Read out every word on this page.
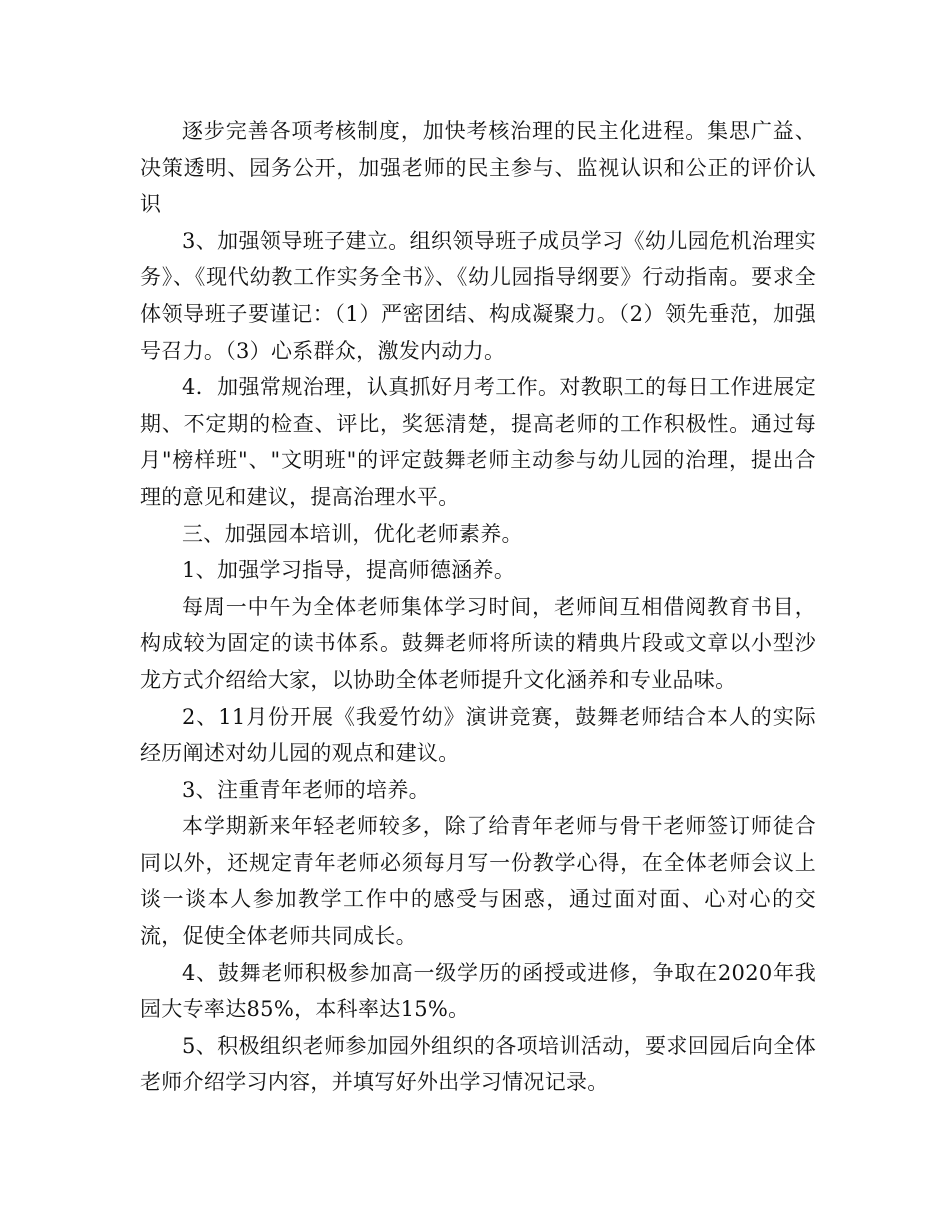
逐步完善各项考核制度，加快考核治理的民主化进程。集思广益、决策透明、园务公开，加强老师的民主参与、监视认识和公正的评价认识

3、加强领导班子建立。组织领导班子成员学习《幼儿园危机治理实务》、《现代幼教工作实务全书》、《幼儿园指导纲要》行动指南。要求全体领导班子要谨记：（1）严密团结、构成凝聚力。（2）领先垂范，加强号召力。（3）心系群众，激发内动力。

4．加强常规治理，认真抓好月考工作。对教职工的每日工作进展定期、不定期的检查、评比，奖惩清楚，提高老师的工作积极性。通过每月"榜样班"、"文明班"的评定鼓舞老师主动参与幼儿园的治理，提出合理的意见和建议，提高治理水平。

三、加强园本培训，优化老师素养。

1、加强学习指导，提高师德涵养。

每周一中午为全体老师集体学习时间，老师间互相借阅教育书目，构成较为固定的读书体系。鼓舞老师将所读的精典片段或文章以小型沙龙方式介绍给大家，以协助全体老师提升文化涵养和专业品味。

2、11月份开展《我爱竹幼》演讲竞赛，鼓舞老师结合本人的实际经历阐述对幼儿园的观点和建议。

3、注重青年老师的培养。

本学期新来年轻老师较多，除了给青年老师与骨干老师签订师徒合同以外，还规定青年老师必须每月写一份教学心得，在全体老师会议上谈一谈本人参加教学工作中的感受与困惑，通过面对面、心对心的交流，促使全体老师共同成长。

4、鼓舞老师积极参加高一级学历的函授或进修，争取在2020年我园大专率达85%，本科率达15%。

5、积极组织老师参加园外组织的各项培训活动，要求回园后向全体老师介绍学习内容，并填写好外出学习情况记录。
